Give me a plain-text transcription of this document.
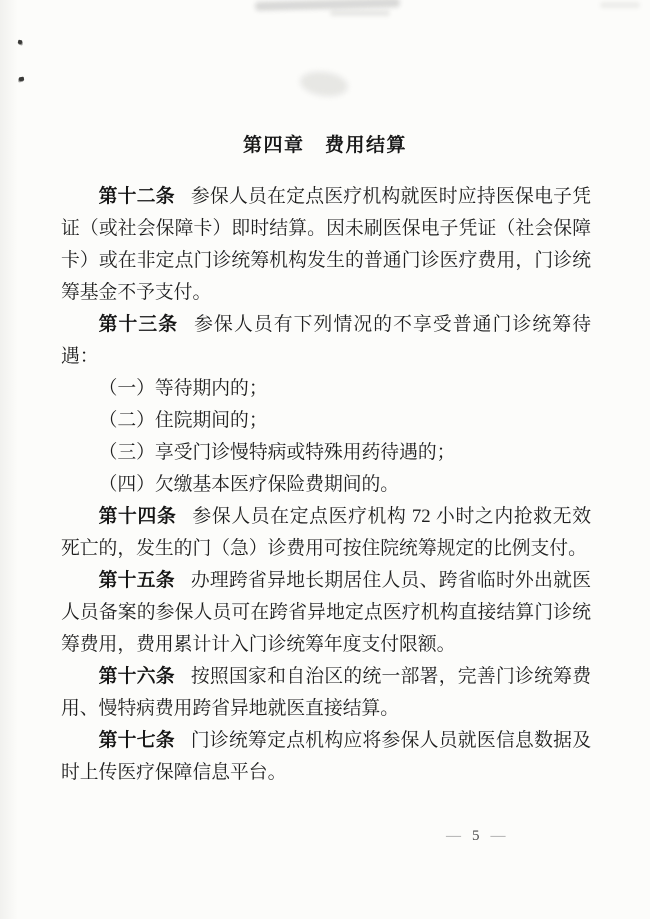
第四章　费用结算

第十二条 参保人员在定点医疗机构就医时应持医保电子凭证（或社会保障卡）即时结算。因未刷医保电子凭证（社会保障卡）或在非定点门诊统筹机构发生的普通门诊医疗费用，门诊统筹基金不予支付。

第十三条 参保人员有下列情况的不享受普通门诊统筹待遇：

（一）等待期内的；

（二）住院期间的；

（三）享受门诊慢特病或特殊用药待遇的；

（四）欠缴基本医疗保险费期间的。

第十四条 参保人员在定点医疗机构 72 小时之内抢救无效死亡的，发生的门（急）诊费用可按住院统筹规定的比例支付。

第十五条 办理跨省异地长期居住人员、跨省临时外出就医人员备案的参保人员可在跨省异地定点医疗机构直接结算门诊统筹费用，费用累计计入门诊统筹年度支付限额。

第十六条 按照国家和自治区的统一部署，完善门诊统筹费用、慢特病费用跨省异地就医直接结算。

第十七条 门诊统筹定点机构应将参保人员就医信息数据及时上传医疗保障信息平台。

— 5 —
